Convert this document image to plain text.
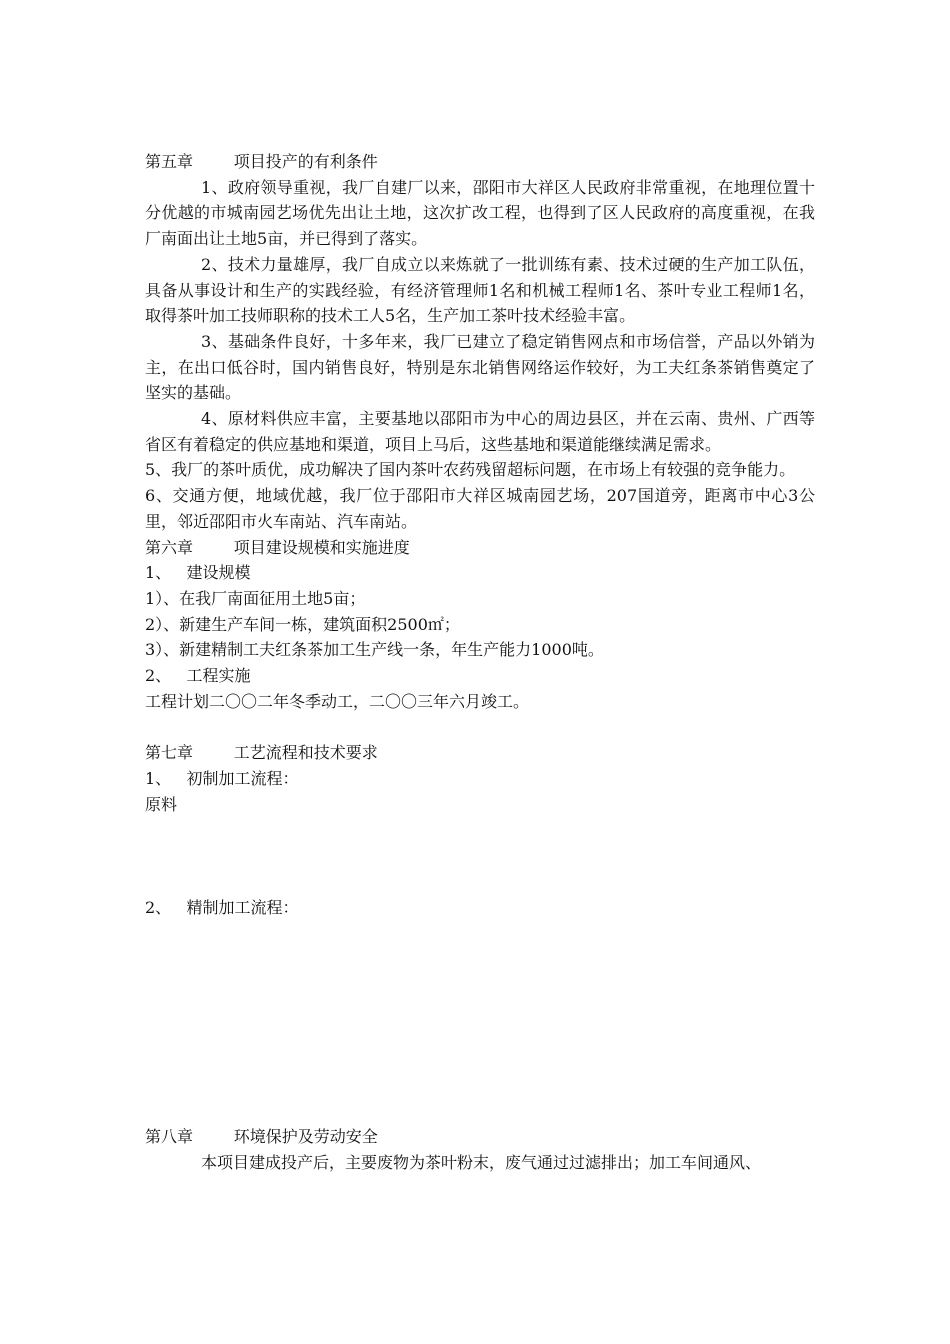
第五章        项目投产的有利条件

1、政府领导重视，我厂自建厂以来，邵阳市大祥区人民政府非常重视，在地理位置十分优越的市城南园艺场优先出让土地，这次扩改工程，也得到了区人民政府的高度重视，在我厂南面出让土地5亩，并已得到了落实。

2、技术力量雄厚，我厂自成立以来炼就了一批训练有素、技术过硬的生产加工队伍，具备从事设计和生产的实践经验，有经济管理师1名和机械工程师1名、茶叶专业工程师1名，取得茶叶加工技师职称的技术工人5名，生产加工茶叶技术经验丰富。

3、基础条件良好，十多年来，我厂已建立了稳定销售网点和市场信誉，产品以外销为主，在出口低谷时，国内销售良好，特别是东北销售网络运作较好，为工夫红条茶销售奠定了坚实的基础。

4、原材料供应丰富，主要基地以邵阳市为中心的周边县区，并在云南、贵州、广西等省区有着稳定的供应基地和渠道，项目上马后，这些基地和渠道能继续满足需求。

5、我厂的茶叶质优，成功解决了国内茶叶农药残留超标问题，在市场上有较强的竞争能力。

6、交通方便，地域优越，我厂位于邵阳市大祥区城南园艺场，207国道旁，距离市中心3公里，邻近邵阳市火车南站、汽车南站。

第六章        项目建设规模和实施进度

1、   建设规模

1）、在我厂南面征用土地5亩；

2）、新建生产车间一栋，建筑面积2500㎡；

3）、新建精制工夫红条茶加工生产线一条，年生产能力1000吨。

2、   工程实施

工程计划二〇〇二年冬季动工，二〇〇三年六月竣工。

第七章        工艺流程和技术要求

1、   初制加工流程：

原料

2、   精制加工流程：

第八章        环境保护及劳动安全

本项目建成投产后，主要废物为茶叶粉末，废气通过过滤排出；加工车间通风、
